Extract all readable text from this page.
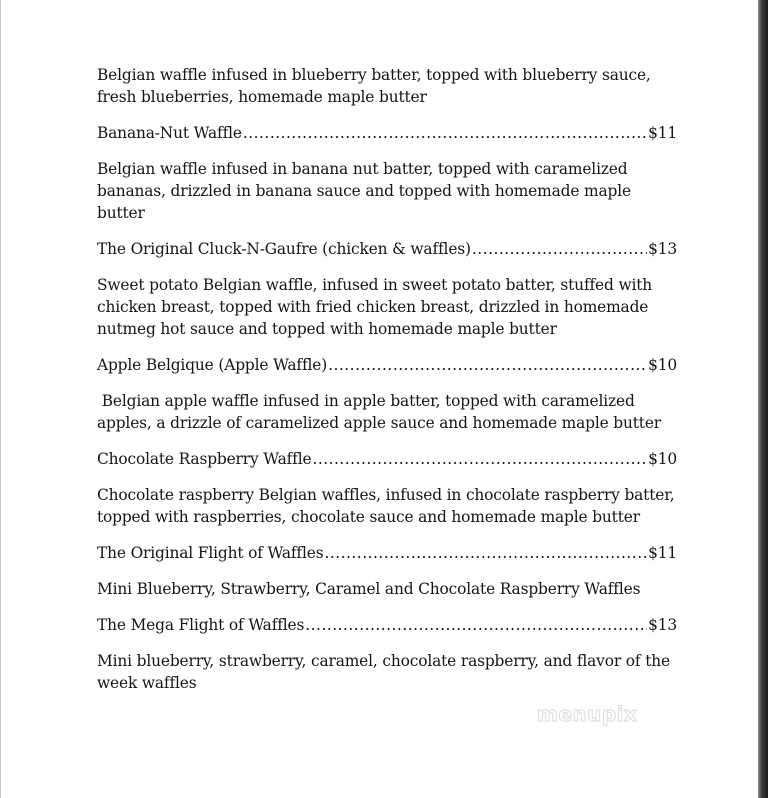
Belgian waffle infused in blueberry batter, topped with blueberry sauce, fresh blueberries, homemade maple butter

Banana-Nut Waffle .....	$11

Belgian waffle infused in banana nut batter, topped with caramelized bananas, drizzled in banana sauce and topped with homemade maple butter

The Original Cluck-N-Gaufre (chicken & waffles) .....	$13

Sweet potato Belgian waffle, infused in sweet potato batter, stuffed with chicken breast, topped with fried chicken breast, drizzled in homemade nutmeg hot sauce and topped with homemade maple butter

Apple Belgique (Apple Waffle) .....	$10

Belgian apple waffle infused in apple batter, topped with caramelized apples, a drizzle of caramelized apple sauce and homemade maple butter

Chocolate Raspberry Waffle .....	$10

Chocolate raspberry Belgian waffles, infused in chocolate raspberry batter, topped with raspberries, chocolate sauce and homemade maple butter

The Original Flight of Waffles .....	$11

Mini Blueberry, Strawberry, Caramel and Chocolate Raspberry Waffles

The Mega Flight of Waffles .....	$13

Mini blueberry, strawberry, caramel, chocolate raspberry, and flavor of the week waffles

menupix
